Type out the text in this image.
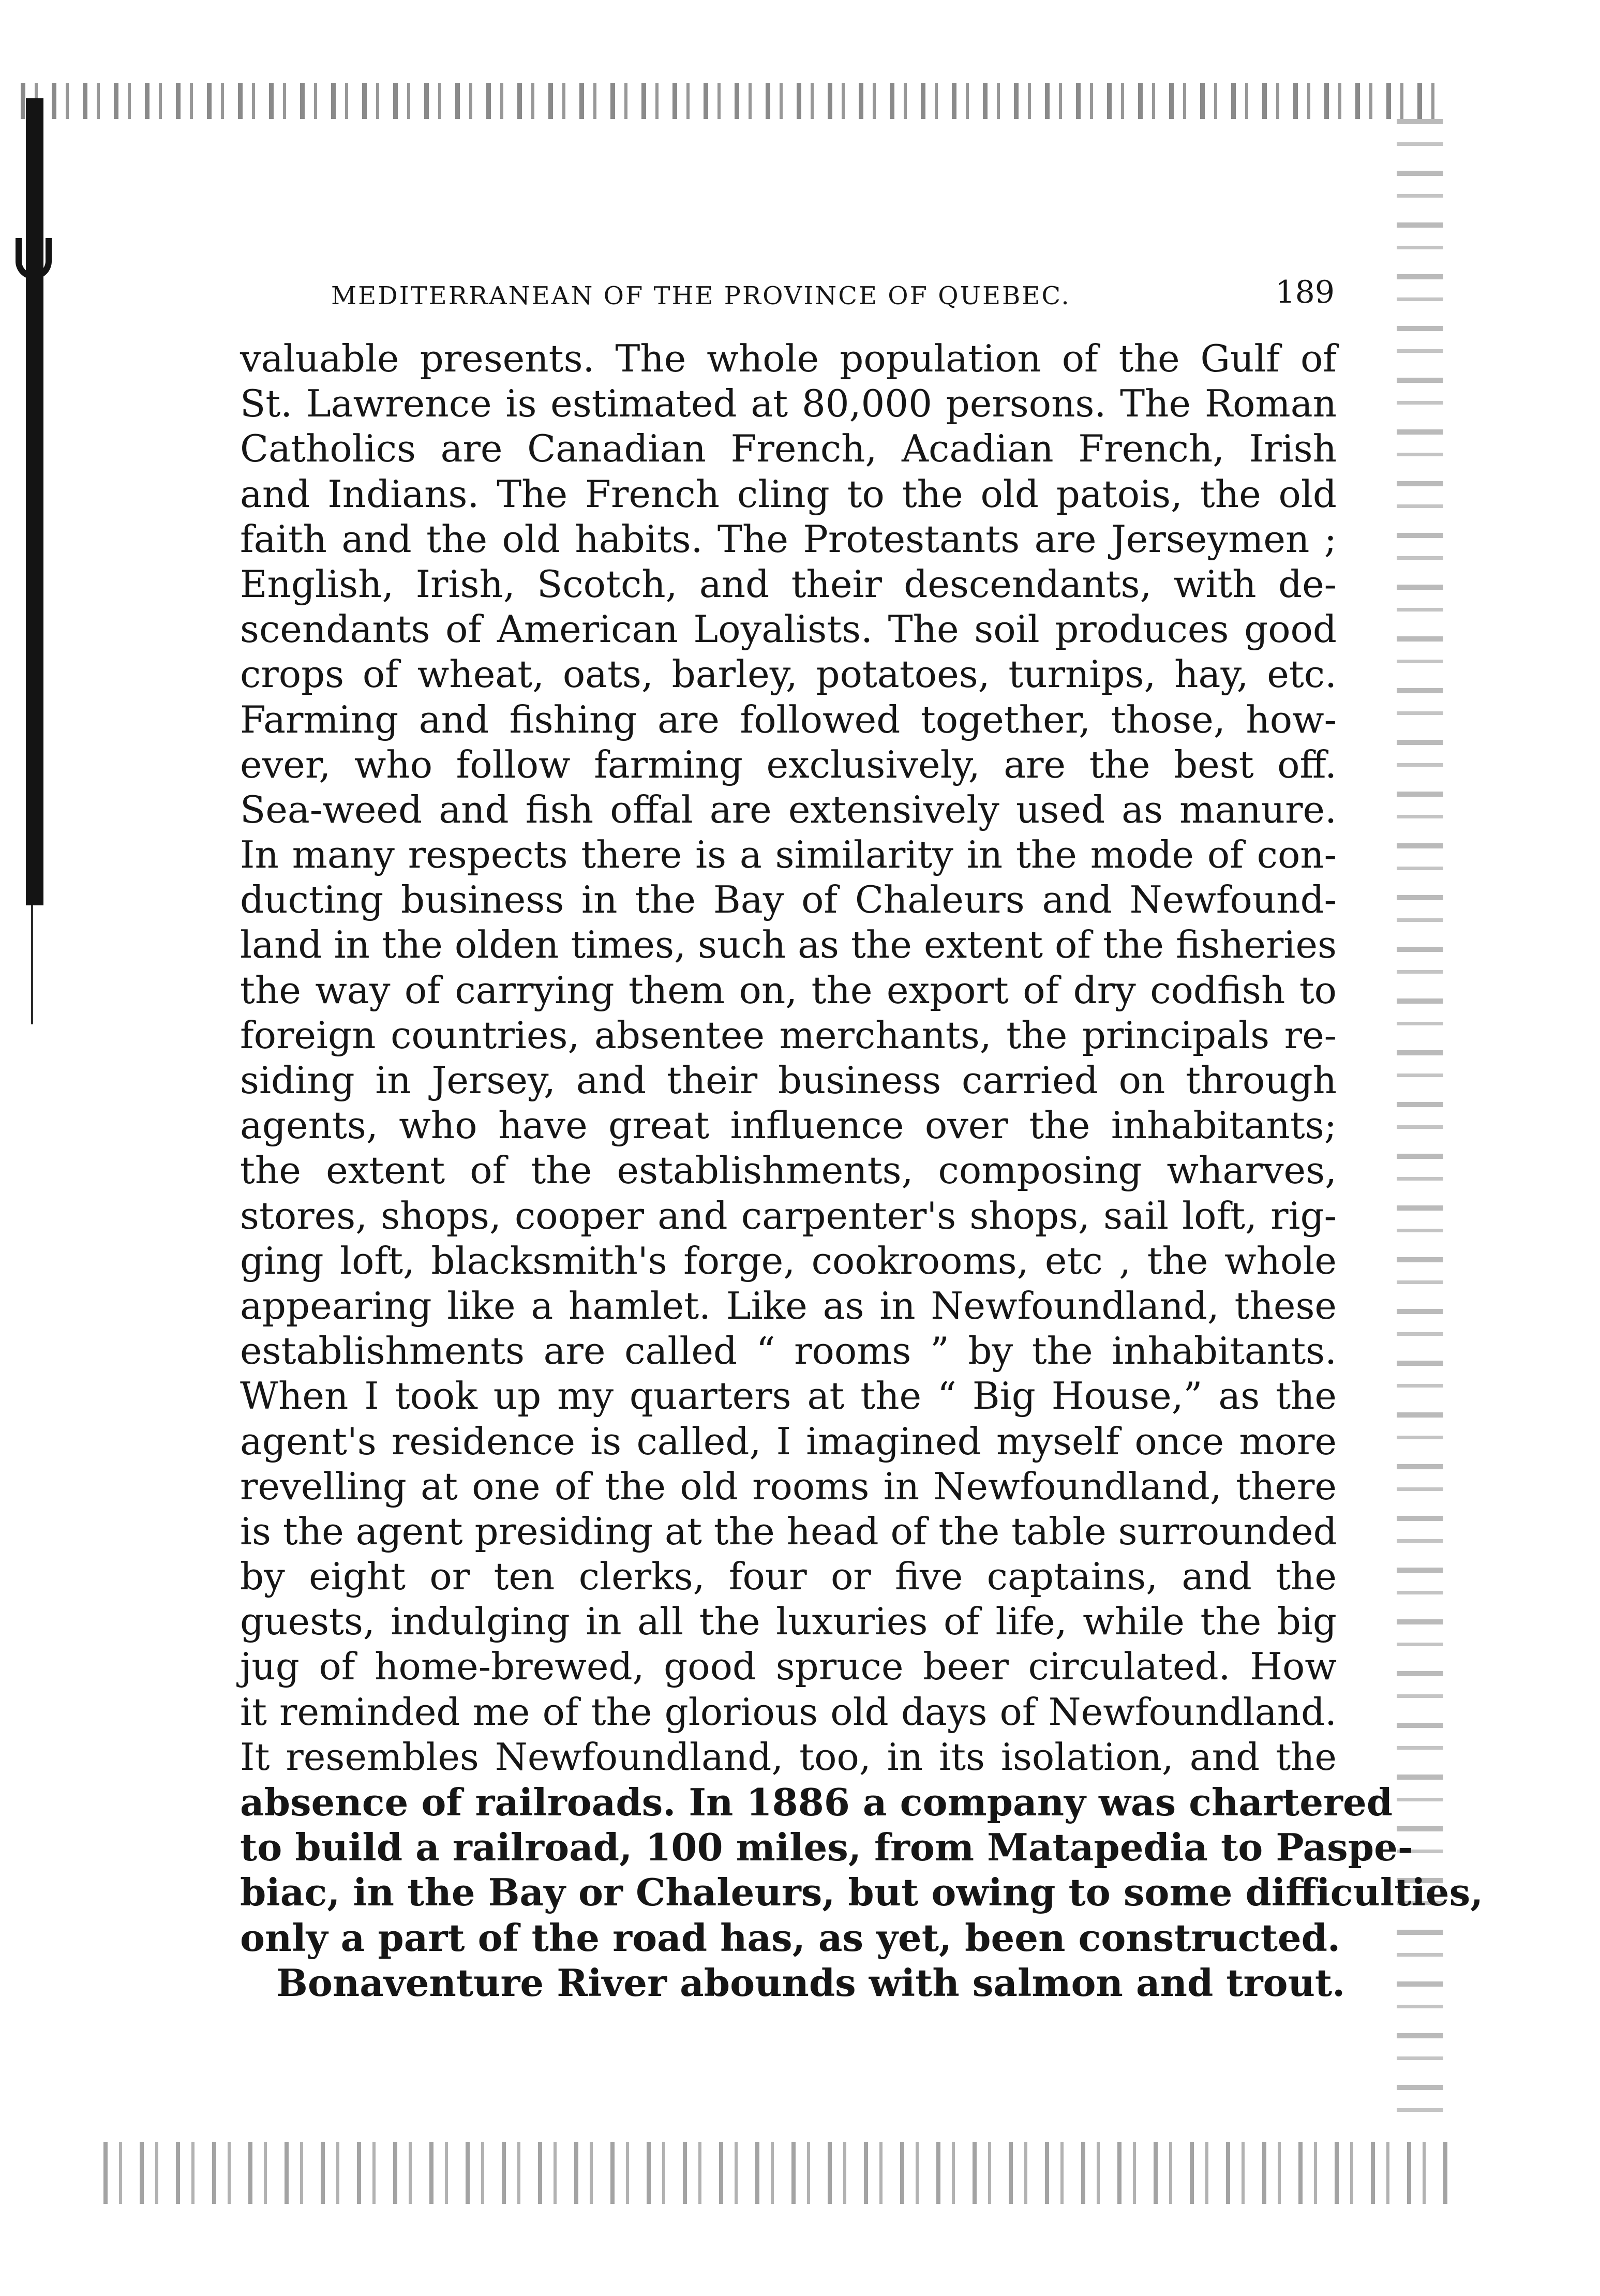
MEDITERRANEAN OF THE PROVINCE OF QUEBEC.	189
valuable presents. The whole population of the Gulf of
St. Lawrence is estimated at 80,000 persons. The Roman
Catholics are Canadian French, Acadian French, Irish
and Indians. The French cling to the old patois, the old
faith and the old habits. The Protestants are Jerseymen ;
English, Irish, Scotch, and their descendants, with de-
scendants of American Loyalists. The soil produces good
crops of wheat, oats, barley, potatoes, turnips, hay, etc.
Farming and fishing are followed together, those, how-
ever, who follow farming exclusively, are the best off.
Sea-weed and fish offal are extensively used as manure.
In many respects there is a similarity in the mode of con-
ducting business in the Bay of Chaleurs and Newfound-
land in the olden times, such as the extent of the fisheries
the way of carrying them on, the export of dry codfish to
foreign countries, absentee merchants, the principals re-
siding in Jersey, and their business carried on through
agents, who have great influence over the inhabitants;
the extent of the establishments, composing wharves,
stores, shops, cooper and carpenter's shops, sail loft, rig-
ging loft, blacksmith's forge, cookrooms, etc , the whole
appearing like a hamlet. Like as in Newfoundland, these
establishments are called “ rooms ” by the inhabitants.
When I took up my quarters at the “ Big House,” as the
agent's residence is called, I imagined myself once more
revelling at one of the old rooms in Newfoundland, there
is the agent presiding at the head of the table surrounded
by eight or ten clerks, four or five captains, and the
guests, indulging in all the luxuries of life, while the big
jug of home-brewed, good spruce beer circulated. How
it reminded me of the glorious old days of Newfoundland.
It resembles Newfoundland, too, in its isolation, and the
absence of railroads. In 1886 a company was chartered
to build a railroad, 100 miles, from Matapedia to Paspe-
biac, in the Bay or Chaleurs, but owing to some difficulties,
only a part of the road has, as yet, been constructed.
Bonaventure River abounds with salmon and trout.
